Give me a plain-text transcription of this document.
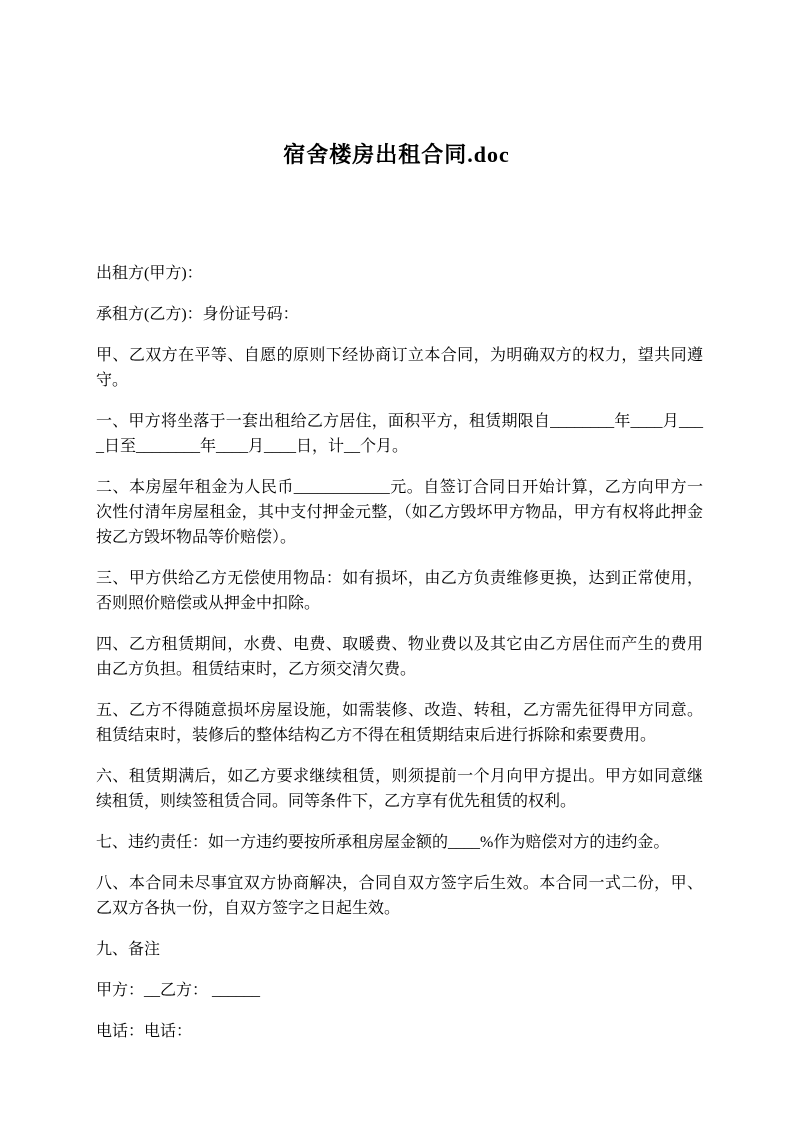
宿舍楼房出租合同.doc

出租方(甲方)：

承租方(乙方)：身份证号码：

甲、乙双方在平等、自愿的原则下经协商订立本合同，为明确双方的权力，望共同遵守。

一、甲方将坐落于一套出租给乙方居住，面积平方，租赁期限自________年____月____日至________年____月____日，计__个月。

二、本房屋年租金为人民币____________元。自签订合同日开始计算，乙方向甲方一次性付清年房屋租金，其中支付押金元整，（如乙方毁坏甲方物品，甲方有权将此押金按乙方毁坏物品等价赔偿）。

三、甲方供给乙方无偿使用物品：如有损坏，由乙方负责维修更换，达到正常使用，否则照价赔偿或从押金中扣除。

四、乙方租赁期间，水费、电费、取暖费、物业费以及其它由乙方居住而产生的费用由乙方负担。租赁结束时，乙方须交清欠费。

五、乙方不得随意损坏房屋设施，如需装修、改造、转租，乙方需先征得甲方同意。租赁结束时，装修后的整体结构乙方不得在租赁期结束后进行拆除和索要费用。

六、租赁期满后，如乙方要求继续租赁，则须提前一个月向甲方提出。甲方如同意继续租赁，则续签租赁合同。同等条件下，乙方享有优先租赁的权利。

七、违约责任：如一方违约要按所承租房屋金额的____%作为赔偿对方的违约金。

八、本合同未尽事宜双方协商解决，合同自双方签字后生效。本合同一式二份，甲、乙双方各执一份，自双方签字之日起生效。

九、备注

甲方：__乙方： ______

电话：电话：
